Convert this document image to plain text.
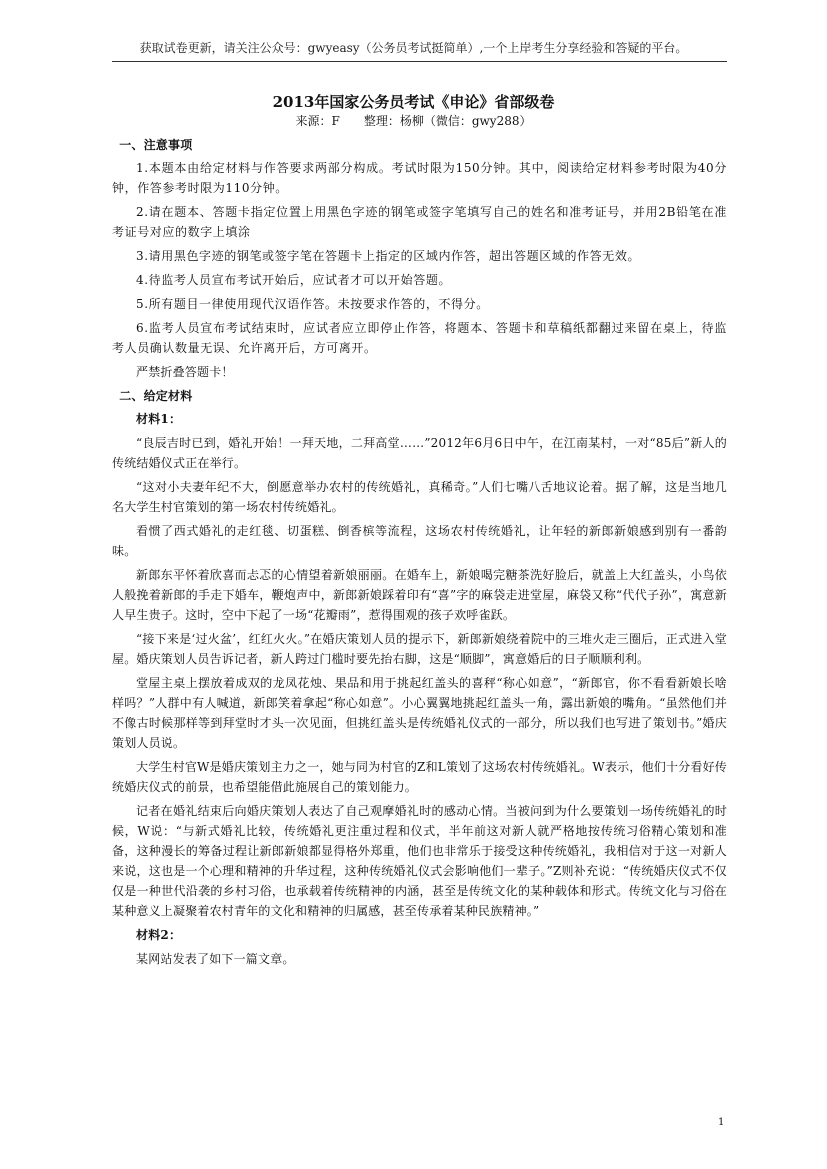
获取试卷更新，请关注公众号：gwyeasy（公务员考试挺简单）,一个上岸考生分享经验和答疑的平台。
2013年国家公务员考试《申论》省部级卷
来源：F　　整理：杨柳（微信：gwy288）

一、注意事项

1.本题本由给定材料与作答要求两部分构成。考试时限为150分钟。其中，阅读给定材料参考时限为40分钟，作答参考时限为110分钟。

2.请在题本、答题卡指定位置上用黑色字迹的钢笔或签字笔填写自己的姓名和准考证号，并用2B铅笔在准考证号对应的数字上填涂

3.请用黑色字迹的钢笔或签字笔在答题卡上指定的区域内作答，超出答题区域的作答无效。

4.待监考人员宣布考试开始后，应试者才可以开始答题。

5.所有题目一律使用现代汉语作答。未按要求作答的，不得分。

6.监考人员宣布考试结束时，应试者应立即停止作答，将题本、答题卡和草稿纸都翻过来留在桌上，待监考人员确认数量无误、允许离开后，方可离开。

严禁折叠答题卡！

二、给定材料

材料1：

“良辰吉时已到，婚礼开始！一拜天地，二拜高堂……”2012年6月6日中午，在江南某村，一对“85后”新人的传统结婚仪式正在举行。

“这对小夫妻年纪不大，倒愿意举办农村的传统婚礼，真稀奇。”人们七嘴八舌地议论着。据了解，这是当地几名大学生村官策划的第一场农村传统婚礼。

看惯了西式婚礼的走红毯、切蛋糕、倒香槟等流程，这场农村传统婚礼，让年轻的新郎新娘感到别有一番韵味。

新郎东平怀着欣喜而忐忑的心情望着新娘丽丽。在婚车上，新娘喝完糖茶洗好脸后，就盖上大红盖头，小鸟依人般挽着新郎的手走下婚车，鞭炮声中，新郎新娘踩着印有“喜”字的麻袋走进堂屋，麻袋又称“代代子孙”，寓意新人早生贵子。这时，空中下起了一场“花瓣雨”，惹得围观的孩子欢呼雀跃。

“接下来是‘过火盆’，红红火火。”在婚庆策划人员的提示下，新郎新娘绕着院中的三堆火走三圈后，正式进入堂屋。婚庆策划人员告诉记者，新人跨过门槛时要先抬右脚，这是“顺脚”，寓意婚后的日子顺顺利利。

堂屋主桌上摆放着成双的龙凤花烛、果品和用于挑起红盖头的喜秤“称心如意”，“新郎官，你不看看新娘长啥样吗？”人群中有人喊道，新郎笑着拿起“称心如意”。小心翼翼地挑起红盖头一角，露出新娘的嘴角。“虽然他们并不像古时候那样等到拜堂时才头一次见面，但挑红盖头是传统婚礼仪式的一部分，所以我们也写进了策划书。”婚庆策划人员说。

大学生村官W是婚庆策划主力之一，她与同为村官的Z和L策划了这场农村传统婚礼。W表示，他们十分看好传统婚庆仪式的前景，也希望能借此施展自己的策划能力。

记者在婚礼结束后向婚庆策划人表达了自己观摩婚礼时的感动心情。当被问到为什么要策划一场传统婚礼的时候，W说：“与新式婚礼比较，传统婚礼更注重过程和仪式，半年前这对新人就严格地按传统习俗精心策划和准备，这种漫长的筹备过程让新郎新娘都显得格外郑重，他们也非常乐于接受这种传统婚礼，我相信对于这一对新人来说，这也是一个心理和精神的升华过程，这种传统婚礼仪式会影响他们一辈子。”Z则补充说：“传统婚庆仪式不仅仅是一种世代沿袭的乡村习俗，也承载着传统精神的内涵，甚至是传统文化的某种载体和形式。传统文化与习俗在某种意义上凝聚着农村青年的文化和精神的归属感，甚至传承着某种民族精神。”

材料2：

某网站发表了如下一篇文章。

1
